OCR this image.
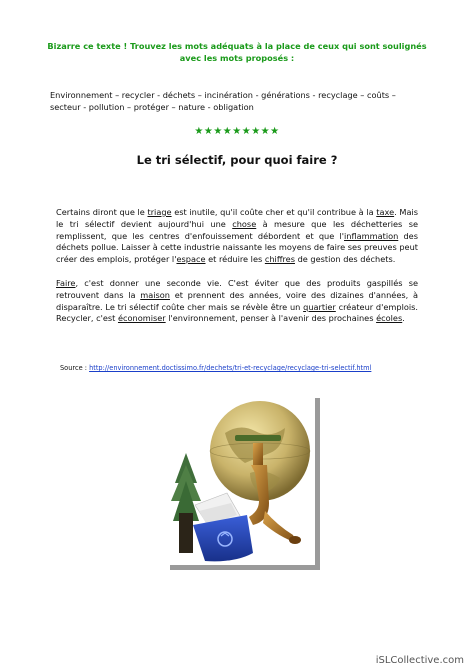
Bizarre ce texte ! Trouvez les mots adéquats à la place de ceux qui sont soulignés
avec les mots proposés :
Environnement – recycler - déchets – incinération - générations - recyclage – coûts –
secteur - pollution – protéger – nature - obligation
★★★★★★★★★
Le tri sélectif, pour quoi faire ?
Certains diront que le triage est inutile, qu'il coûte cher et qu'il contribue à la taxe. Mais le tri sélectif devient aujourd'hui une chose à mesure que les déchetteries se remplissent, que les centres d'enfouissement débordent et que l'inflammation des déchets pollue. Laisser à cette industrie naissante les moyens de faire ses preuves peut créer des emplois, protéger l'espace et réduire les chiffres de gestion des déchets.
Faire, c'est donner une seconde vie. C'est éviter que des produits gaspillés se retrouvent dans la maison et prennent des années, voire des dizaines d'années, à disparaître. Le tri sélectif coûte cher mais se révèle être un quartier créateur d'emplois. Recycler, c'est économiser l'environnement, penser à l'avenir des prochaines écoles.
Source : http://environnement.doctissimo.fr/dechets/tri-et-recyclage/recyclage-tri-selectif.html
iSLCollective.com
